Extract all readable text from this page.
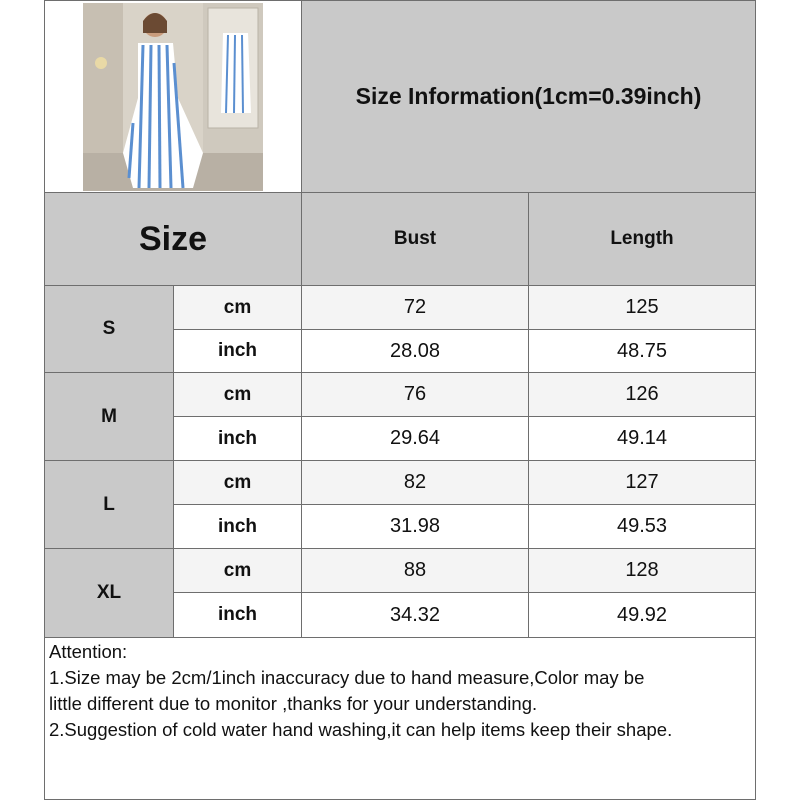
Size Information(1cm=0.39inch)
Size	Bust	Length
S
cm	72	125
inch	28.08	48.75
M
cm	76	126
inch	29.64	49.14
L
cm	82	127
inch	31.98	49.53
XL
cm	88	128
inch	34.32	49.92
Attention:
1.Size may be 2cm/1inch inaccuracy due to hand measure,Color may be
little different due to monitor ,thanks for your understanding.
2.Suggestion of cold water hand washing,it can help items keep their shape.
